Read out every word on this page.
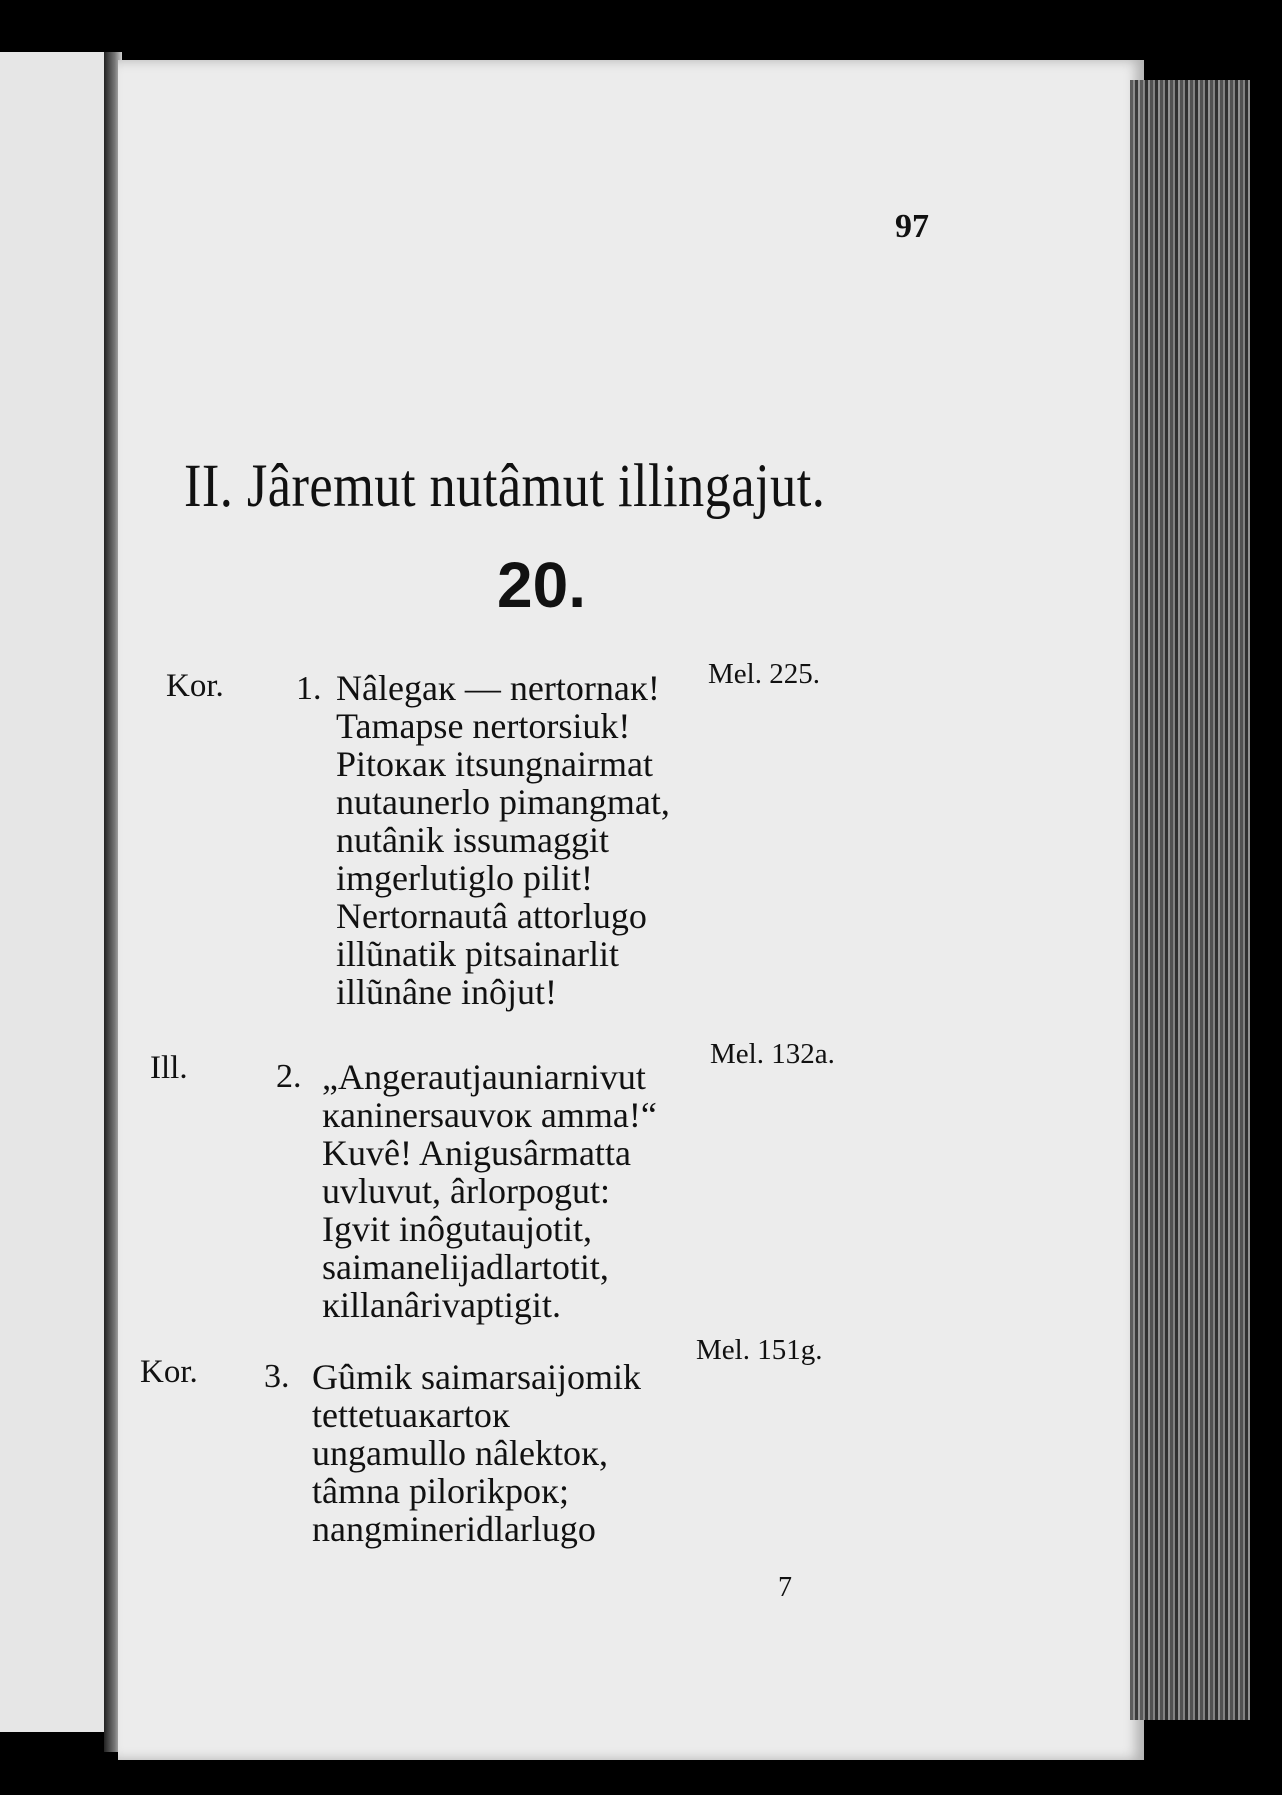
97
II. Jâremut nutâmut illingajut.
20.
Kor. 1.	Mel. 225.
Nâlegaĸ — nertornaĸ!
Tamapse nertorsiuk!
Pitoĸaĸ itsungnairmat
nutaunerlo pimangmat,
nutânik issumaggit
imgerlutiglo pilit!
Nertornautâ attorlugo
illũnatik pitsainarlit
illũnâne inôjut!
Ill.	2.
Mel. 132a.
„Angerautjauniarnivut
ĸaninersauvoĸ amma!“
Kuvê! Anigusârmatta
uvluvut, ârlorpogut:
Igvit inôgutaujotit,
saimanelijadlartotit,
ĸillanârivaptigit.
Kor. 3.
Mel. 151g.
Gûmik saimarsaijomik
tettetuaĸartoĸ
ungamullo nâlektoĸ,
tâmna pilorikpoĸ;
nangmineridlarlugo
7
